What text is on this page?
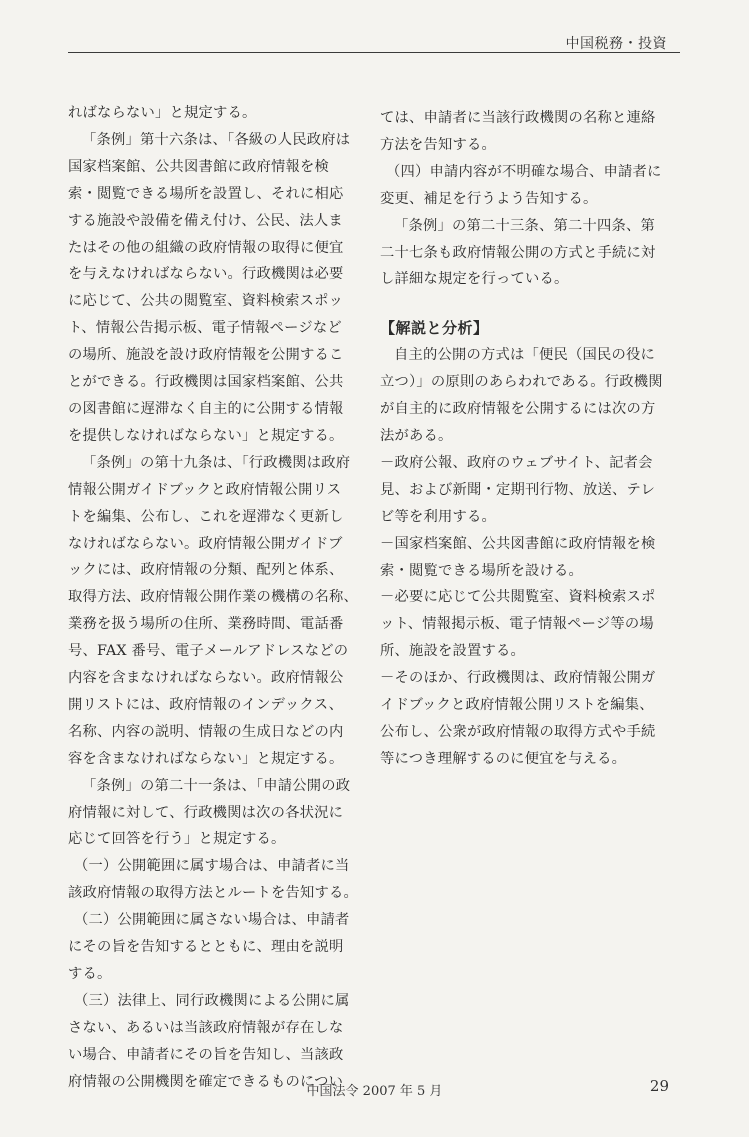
中国税務・投資

ればならない」と規定する。

「条例」第十六条は、「各級の人民政府は

国家档案館、公共図書館に政府情報を検

索・閲覧できる場所を設置し、それに相応

する施設や設備を備え付け、公民、法人ま

たはその他の組織の政府情報の取得に便宜

を与えなければならない。行政機関は必要

に応じて、公共の閲覧室、資料検索スポッ

ト、情報公告掲示板、電子情報ページなど

の場所、施設を設け政府情報を公開するこ

とができる。行政機関は国家档案館、公共

の図書館に遅滞なく自主的に公開する情報

を提供しなければならない」と規定する。

「条例」の第十九条は、「行政機関は政府

情報公開ガイドブックと政府情報公開リス

トを編集、公布し、これを遅滞なく更新し

なければならない。政府情報公開ガイドブ

ックには、政府情報の分類、配列と体系、

取得方法、政府情報公開作業の機構の名称、

業務を扱う場所の住所、業務時間、電話番

号、FAX 番号、電子メールアドレスなどの

内容を含まなければならない。政府情報公

開リストには、政府情報のインデックス、

名称、内容の説明、情報の生成日などの内

容を含まなければならない」と規定する。

「条例」の第二十一条は、「申請公開の政

府情報に対して、行政機関は次の各状況に

応じて回答を行う」と規定する。

（一）公開範囲に属す場合は、申請者に当

該政府情報の取得方法とルートを告知する。

（二）公開範囲に属さない場合は、申請者

にその旨を告知するとともに、理由を説明

する。

（三）法律上、同行政機関による公開に属

さない、あるいは当該政府情報が存在しな

い場合、申請者にその旨を告知し、当該政

府情報の公開機関を確定できるものについ

ては、申請者に当該行政機関の名称と連絡

方法を告知する。

（四）申請内容が不明確な場合、申請者に

変更、補足を行うよう告知する。

「条例」の第二十三条、第二十四条、第

二十七条も政府情報公開の方式と手続に対

し詳細な規定を行っている。

【解説と分析】

自主的公開の方式は「便民（国民の役に

立つ）」の原則のあらわれである。行政機関

が自主的に政府情報を公開するには次の方

法がある。

－政府公報、政府のウェブサイト、記者会

見、および新聞・定期刊行物、放送、テレ

ビ等を利用する。

－国家档案館、公共図書館に政府情報を検

索・閲覧できる場所を設ける。

－必要に応じて公共閲覧室、資料検索スポ

ット、情報掲示板、電子情報ページ等の場

所、施設を設置する。

－そのほか、行政機関は、政府情報公開ガ

イドブックと政府情報公開リストを編集、

公布し、公衆が政府情報の取得方式や手続

等につき理解するのに便宜を与える。

中国法令 2007 年 5 月	29
